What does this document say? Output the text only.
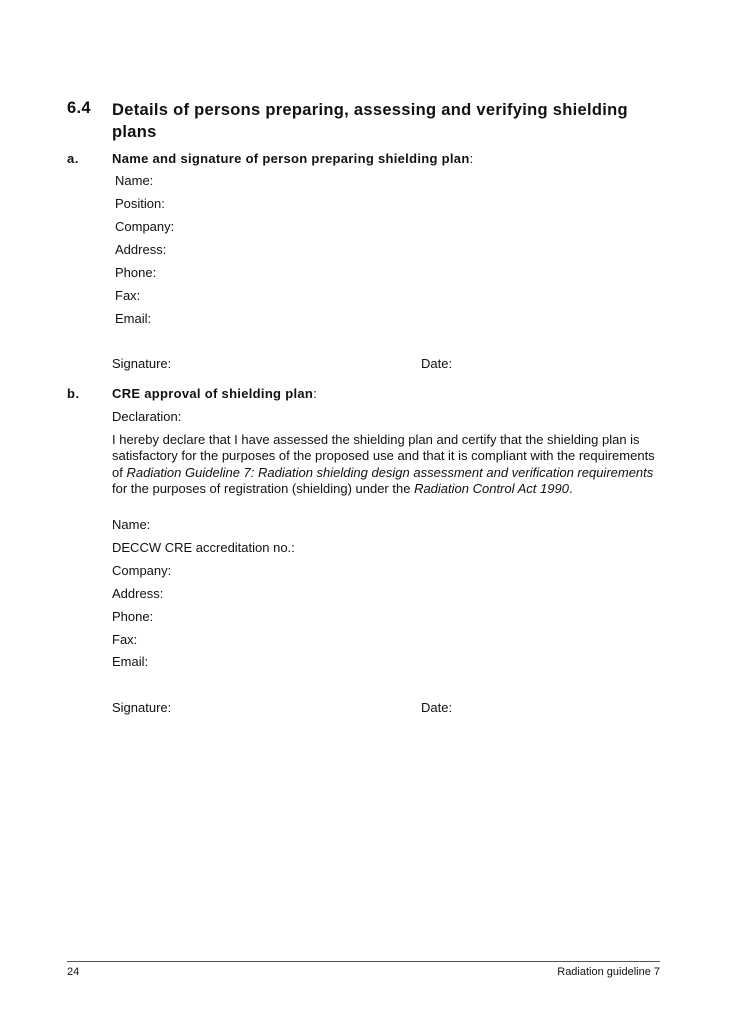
6.4 Details of persons preparing, assessing and verifying shielding plans
a.	Name and signature of person preparing shielding plan:
Name:
Position:
Company:
Address:
Phone:
Fax:
Email:
Signature:	Date:
b. CRE approval of shielding plan:
Declaration:
I hereby declare that I have assessed the shielding plan and certify that the shielding plan is satisfactory for the purposes of the proposed use and that it is compliant with the requirements of Radiation Guideline 7: Radiation shielding design assessment and verification requirements for the purposes of registration (shielding) under the Radiation Control Act 1990.
Name:
DECCW CRE accreditation no.:
Company:
Address:
Phone:
Fax:
Email:
Signature:	Date:
24	Radiation guideline 7
